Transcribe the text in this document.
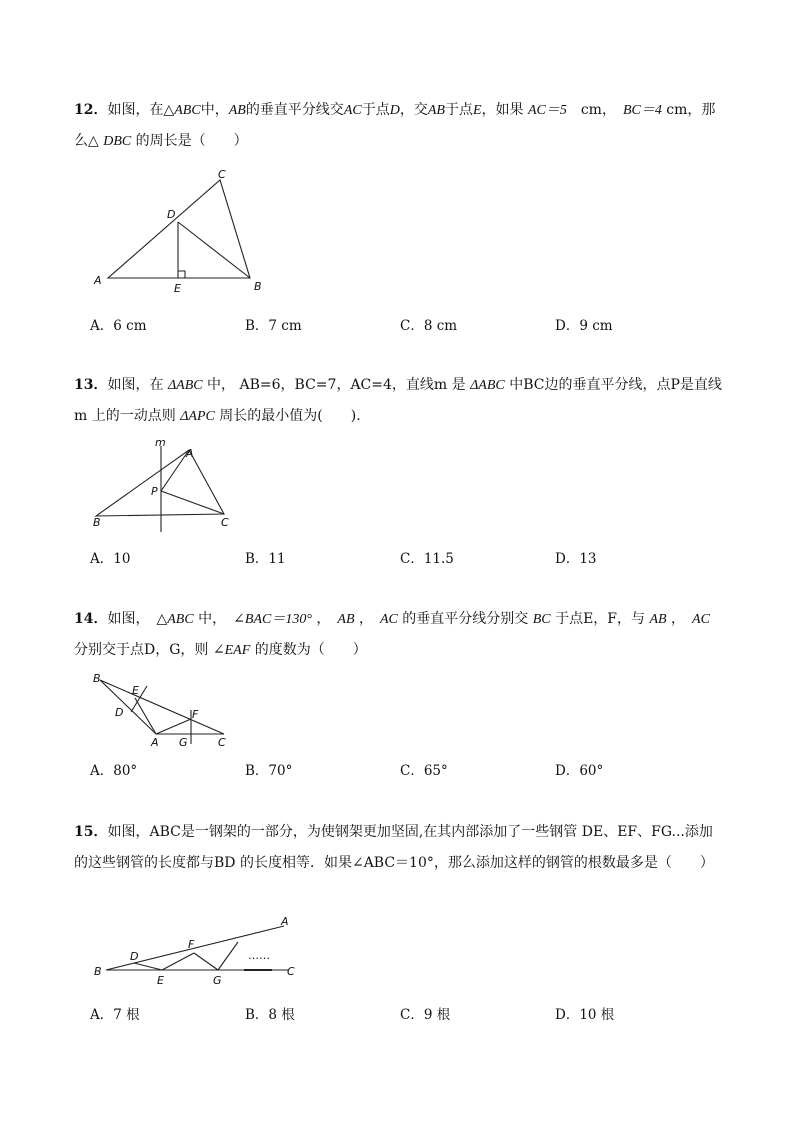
12．如图，在△ABC中，AB的垂直平分线交AC于点D，交AB于点E，如果 AC＝5　cm，　BC＝4 cm，那么△ DBC 的周长是（　　）

A	B
C
D
E
A．6 cm	B．7 cm	C．8 cm	D．9 cm

13．如图，在 ΔABC 中， AB=6，BC=7，AC=4，直线m 是 ΔABC 中BC边的垂直平分线，点P是直线m 上的一动点则 ΔAPC 周长的最小值为(　　).

m
A
P
B	C
A．10	B．11	C．11.5	D．13

14．如图，　△ABC 中，　∠BAC＝130° ，　AB ，　AC 的垂直平分线分别交 BC 于点E，F，与 AB ，　AC 分别交于点D，G，则 ∠EAF 的度数为（　　）

B
E
D	F
A G	C
A．80°	B．70°	C．65°	D．60°

15．如图，ABC是一钢架的一部分，为使钢架更加坚固,在其内部添加了一些钢管 DE、EF、FG...添加的这些钢管的长度都与BD 的长度相等．如果∠ABC＝10°，那么添加这样的钢管的根数最多是（　　）

B
D
E
F
G
A
C
……
A．7 根	B．8 根	C．9 根	D．10 根
